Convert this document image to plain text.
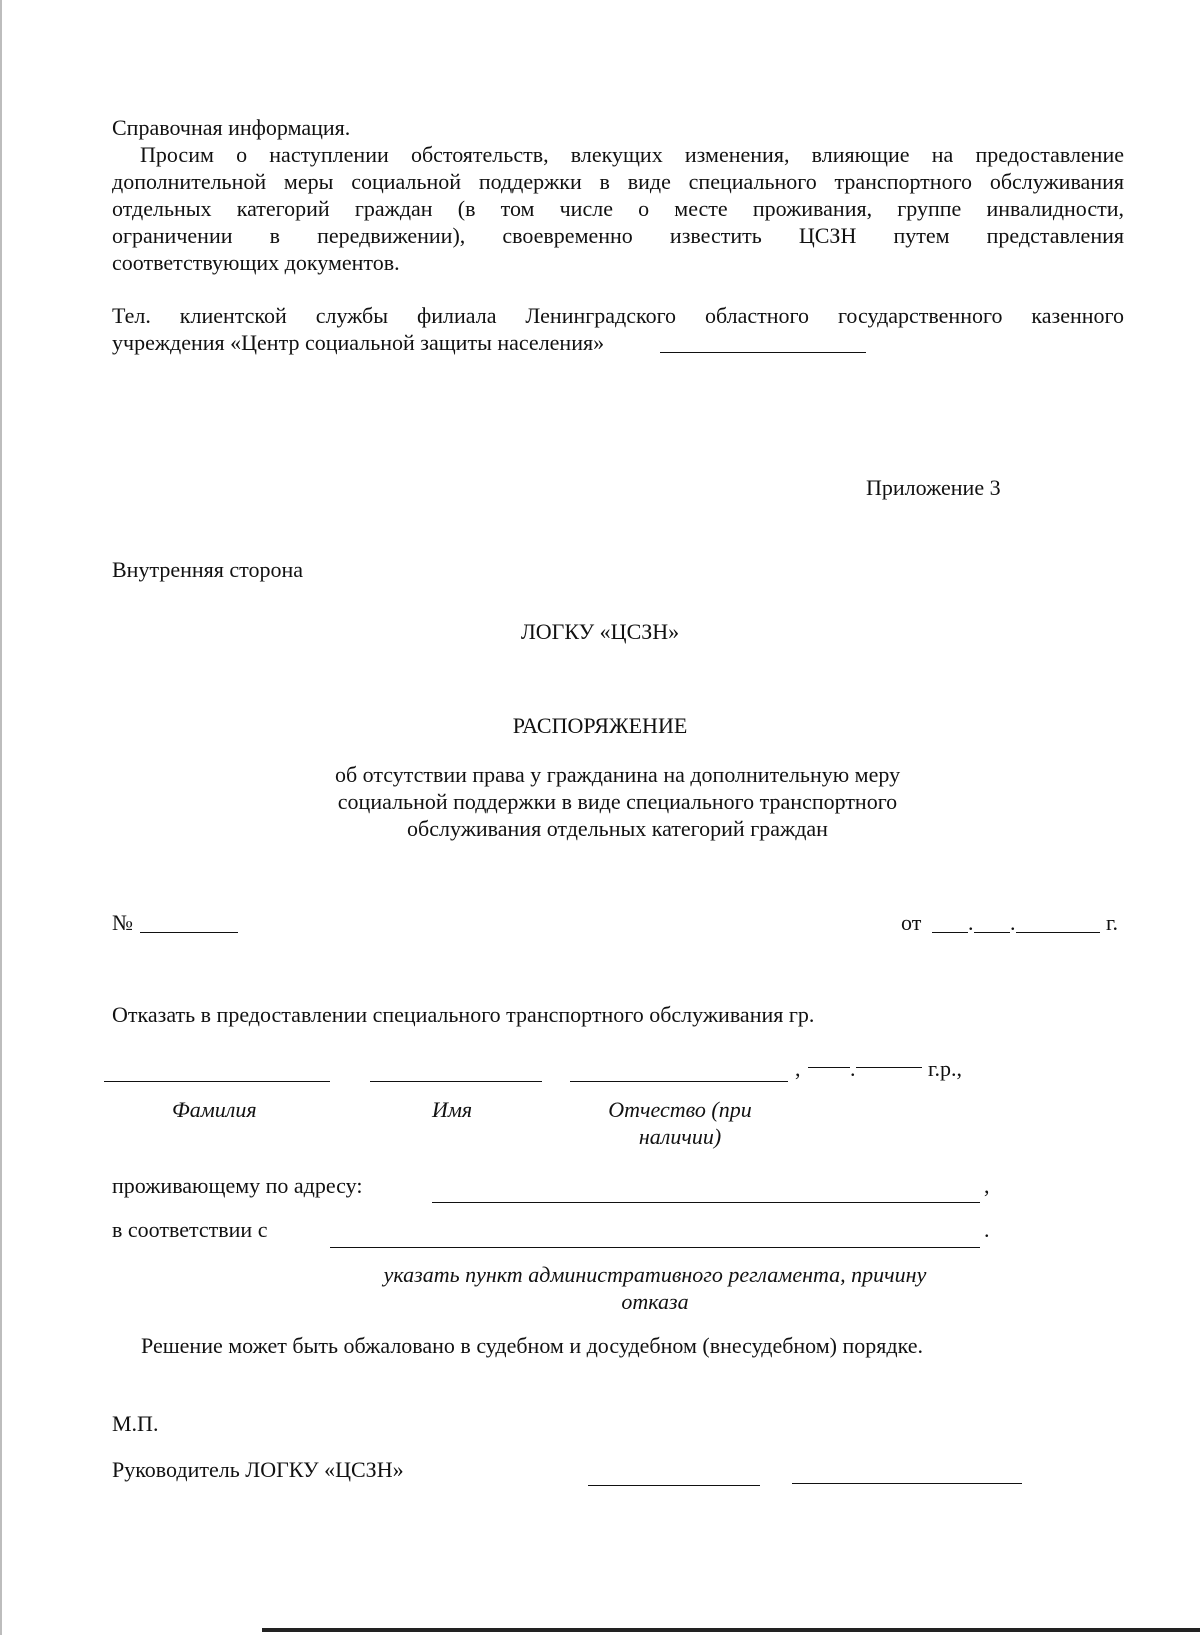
Справочная информация.
Просим о наступлении обстоятельств, влекущих изменения, влияющие на предоставление
дополнительной меры социальной поддержки в виде специального транспортного обслуживания
отдельных категорий граждан (в том числе о месте проживания, группе инвалидности,
ограничении в передвижении), своевременно известить ЦСЗН путем представления
соответствующих документов.
Тел. клиентской службы филиала Ленинградского областного государственного казенного
учреждения «Центр социальной защиты населения»
Приложение 3
Внутренняя сторона
ЛОГКУ «ЦСЗН»
РАСПОРЯЖЕНИЕ
об отсутствии права у гражданина на дополнительную меру
социальной поддержки в виде специального транспортного
обслуживания отдельных категорий граждан
№	от . .	г.
Отказать в предоставлении специального транспортного обслуживания гр.
, .	г.р.,
Фамилия	Имя	Отчество (при
наличии)
проживающему по адресу:	,
в соответствии с	.
указать пункт административного регламента, причину
отказа
Решение может быть обжаловано в судебном и досудебном (внесудебном) порядке.
М.П.
Руководитель ЛОГКУ «ЦСЗН»
